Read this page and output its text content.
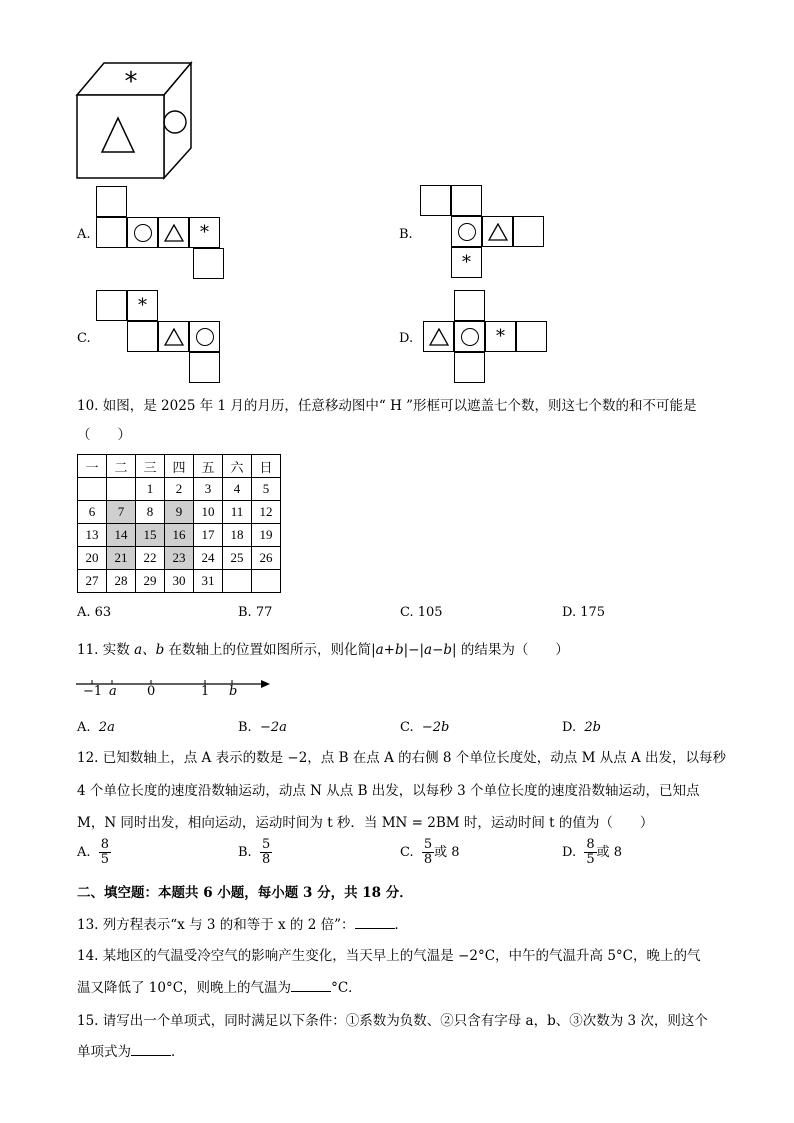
*
A.	*	B.
*
C.
*
D.	*
10. 如图，是 2025 年 1 月的月历，任意移动图中“ H ”形框可以遮盖七个数，则这七个数的和不可能是
（　　）
一	二	三	四	五	六	日
		1	2	3	4	5
6	7	8	9	10	11	12
13	14	15	16	17	18	19
20	21	22	23	24	25	26
27	28	29	30	31		
A. 63	B. 77	C. 105	D. 175
11. 实数 a、b 在数轴上的位置如图所示，则化简|a+b|−|a−b| 的结果为（　　）
−1 a 0	1 b
A. 2a	B. −2a	C. −2b	D. 2b
12. 已知数轴上，点 A 表示的数是 −2，点 B 在点 A 的右侧 8 个单位长度处，动点 M 从点 A 出发，以每秒
4 个单位长度的速度沿数轴运动，动点 N 从点 B 出发，以每秒 3 个单位长度的速度沿数轴运动，已知点
M，N 同时出发，相向运动，运动时间为 t 秒．当 MN = 2BM 时，运动时间 t 的值为（　　）
A. $\frac{8}{5}$	B. $\frac{5}{8}$	C. $\frac{5}{8}$ 或 8	D. $\frac{8}{5}$ 或 8
二、填空题：本题共 6 小题，每小题 3 分，共 18 分．
13. 列方程表示“x 与 3 的和等于 x 的 2 倍”：	．
14. 某地区的气温受冷空气的影响产生变化，当天早上的气温是 −2°C，中午的气温升高 5°C，晚上的气
温又降低了 10°C，则晚上的气温为	°C．
15. 请写出一个单项式，同时满足以下条件：①系数为负数、②只含有字母 a，b、③次数为 3 次，则这个
单项式为	．
